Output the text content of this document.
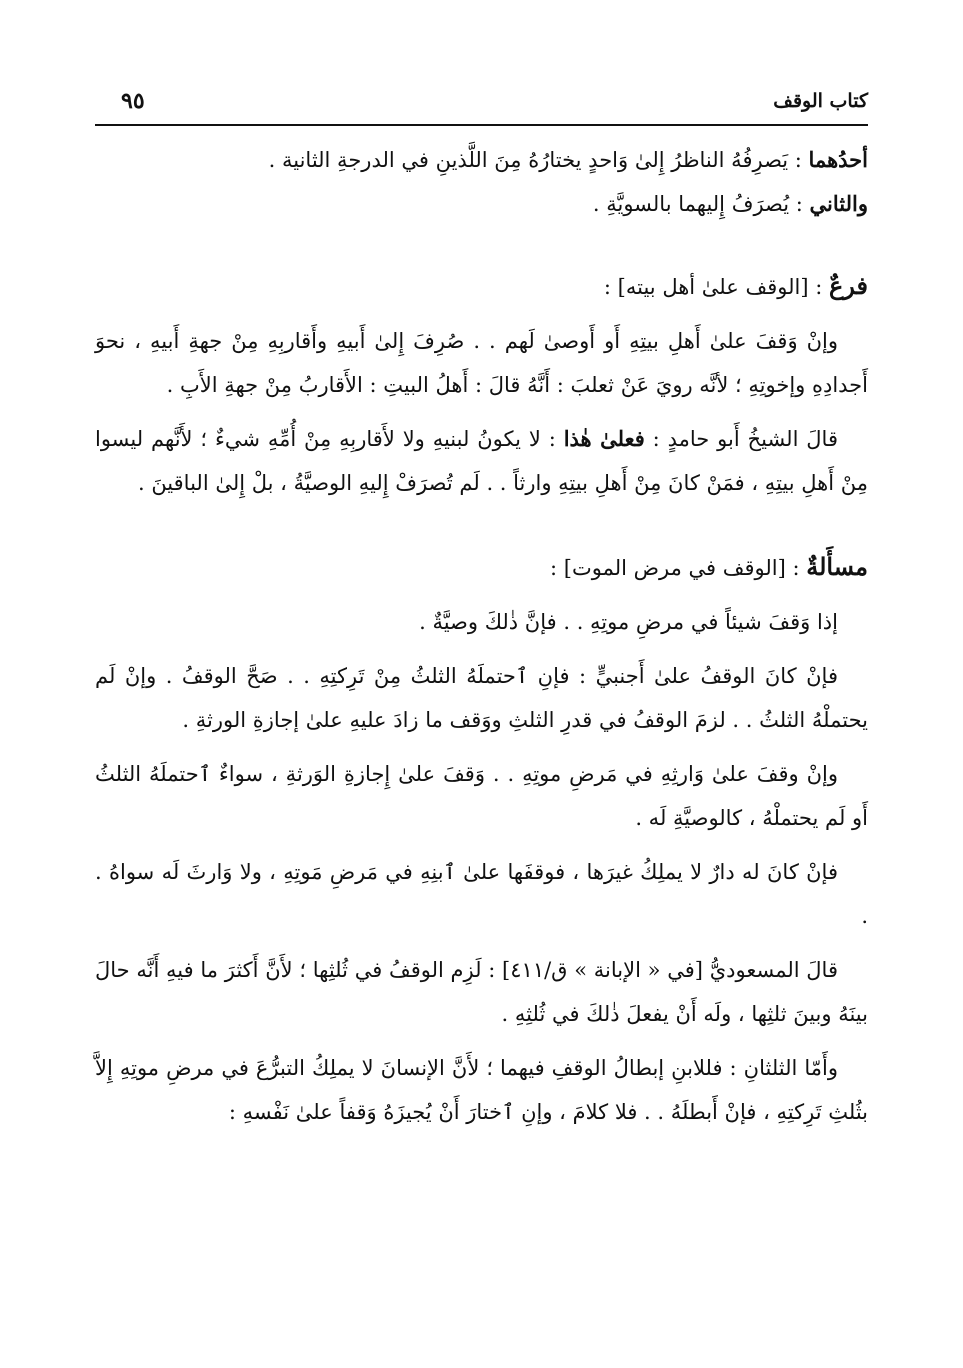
كتاب الوقف
٩٥

أحدُهما : يَصرِفُهُ الناظرُ إِلىٰ وَاحدٍ يختارُهُ مِنَ اللَّذينِ في الدرجةِ الثانية .

والثاني : يُصرَفُ إِليهما بالسويَّةِ .

فرعٌ : [الوقف علىٰ أهل بيته] :

وإنْ وَقفَ علىٰ أَهلِ بيتِهِ أَو أَوصىٰ لَهم . . صُرِفَ إِلىٰ أَبيهِ وأَقاربِهِ مِنْ جهةِ أَبيهِ ، نحوَ أَجدادِهِ وإخوتِهِ ؛ لأنَّه رويَ عَنْ ثعلبَ : أَنَّهُ قالَ : أَهلُ البيتِ : الأَقاربُ مِنْ جهةِ الأَبِ .

قالَ الشيخُ أَبو حامدٍ : فعلىٰ هٰذا : لا يكونُ لبنيهِ ولا لأَقاربِهِ مِنْ أُمِّهِ شيءٌ ؛ لأَنَّهم ليسوا مِنْ أَهلِ بيتِهِ ، فمَنْ كانَ مِنْ أَهلِ بيتِهِ وارثاً . . لَم تُصرَفْ إِليهِ الوصيَّةُ ، بلْ إِلىٰ الباقينَ .

مسأَلةٌ : [الوقف في مرض الموت] :

إذا وَقفَ شيئاً في مرضِ موتِهِ . . فإنَّ ذٰلكَ وصيَّةٌ .

فإنْ كانَ الوقفُ علىٰ أَجنبيٍّ : فإنِ ٱحتملَهُ الثلثُ مِنْ تَرِكتِهِ . . صَحَّ الوقفُ . وإنْ لَم يحتملْهُ الثلثُ . . لزمَ الوقفُ في قدرِ الثلثِ ووَقف ما زادَ عليهِ علىٰ إجازةِ الورثةِ .

وإنْ وقفَ علىٰ وَارثِهِ في مَرضِ موتِهِ . . وَقفَ علىٰ إِجازةِ الوَرثةِ ، سواءٌ ٱحتملَهُ الثلثُ أَو لَم يحتملْهُ ، كالوصيَّةِ لَه .

فإنْ كانَ له دارٌ لا يملِكُ غيرَها ، فوقفَها علىٰ ٱبنِهِ في مَرضِ مَوتِهِ ، ولا وَارثَ لَه سواهُ . .

قالَ المسعوديُّ [في « الإبانة » ق/٤١١] : لَزِم الوقفُ في ثُلثِها ؛ لأَنَّ أَكثرَ ما فيهِ أَنَّه حالَ بينَهُ وبينَ ثلثِها ، ولَه أَنْ يفعلَ ذٰلكَ في ثُلثِهِ .

وأَمّا الثلثانِ : فللابنِ إبطالُ الوقفِ فيهما ؛ لأَنَّ الإنسانَ لا يملِكُ التبرُّعَ في مرضِ موتِهِ إِلاَّ بثُلثِ تَرِكتِهِ ، فإنْ أَبطلَهُ . . فلا كلامَ ، وإنِ ٱختارَ أَنْ يُجيزَهُ وَقفاً علىٰ نَفْسهِ :
